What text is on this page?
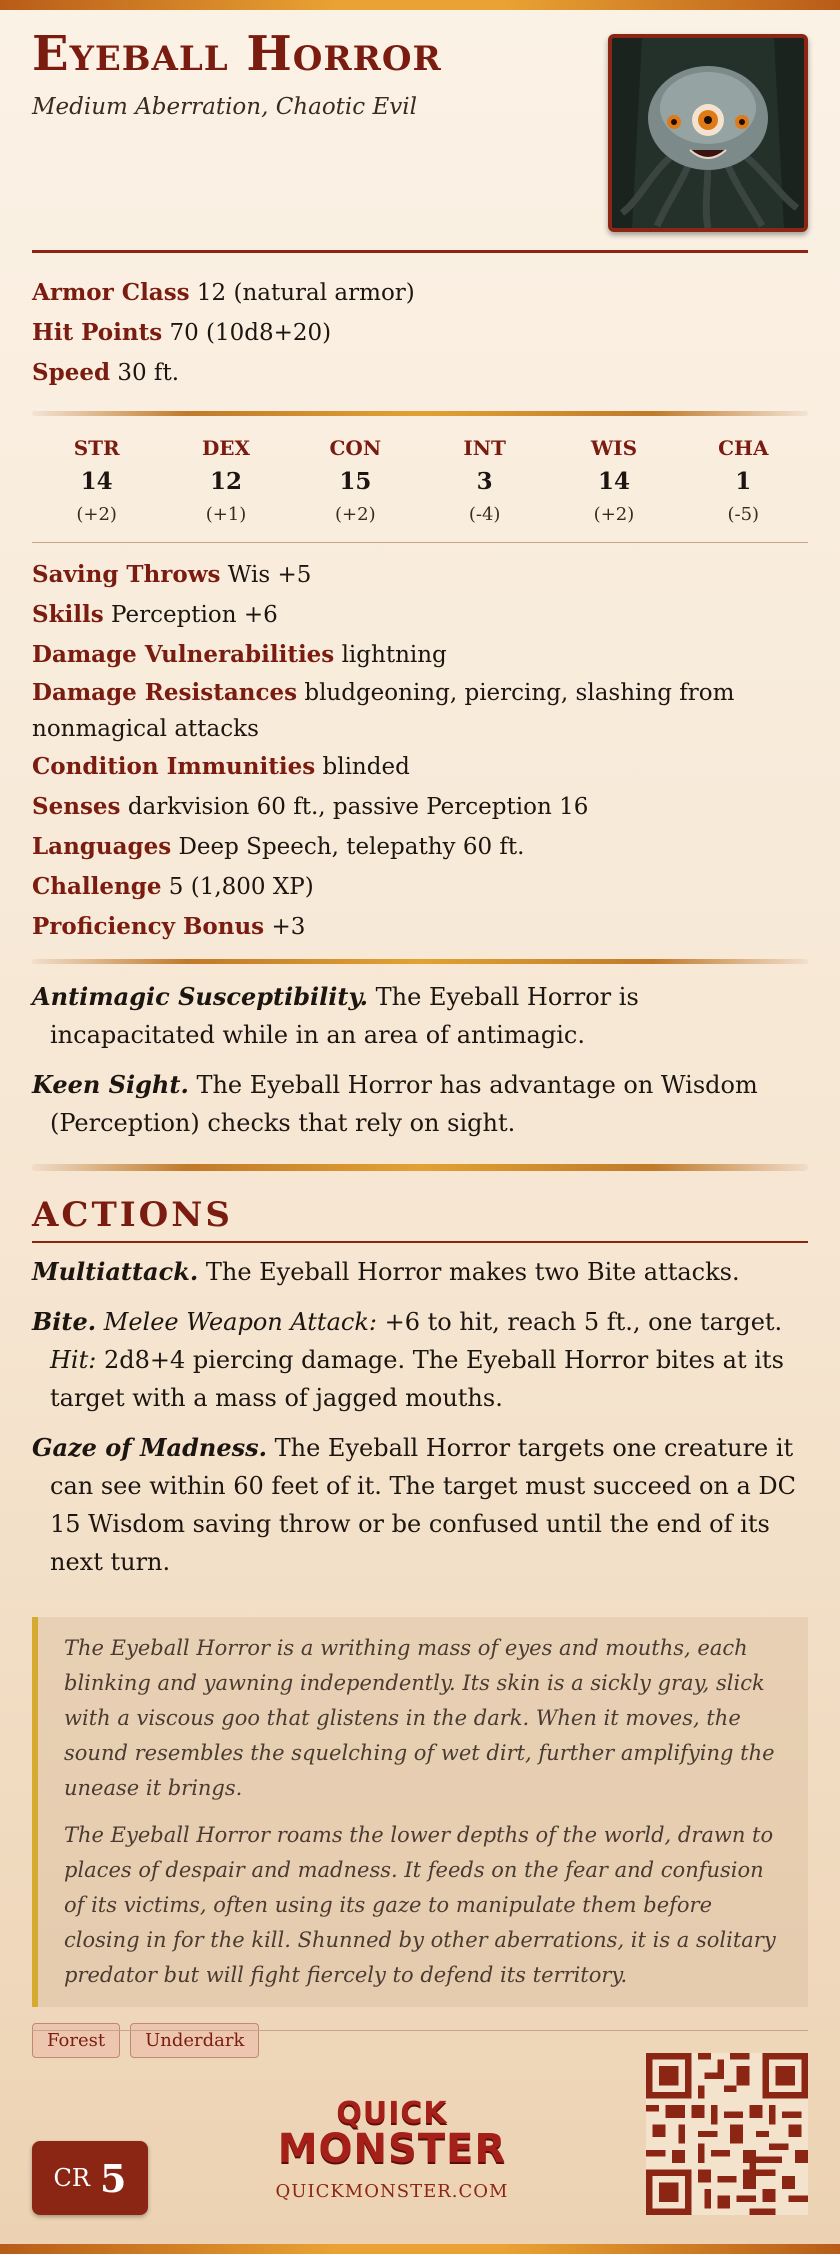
Eyeball Horror
Medium Aberration, Chaotic Evil
Armor Class 12 (natural armor)
Hit Points 70 (10d8+20)
Speed 30 ft.
STR
14
(+2)
DEX
12
(+1)
CON
15
(+2)
INT
3
(-4)
WIS
14
(+2)
CHA
1
(-5)
Saving Throws Wis +5
Skills Perception +6
Damage Vulnerabilities lightning
Damage Resistances bludgeoning, piercing, slashing from nonmagical attacks
Condition Immunities blinded
Senses darkvision 60 ft., passive Perception 16
Languages Deep Speech, telepathy 60 ft.
Challenge 5 (1,800 XP)
Proficiency Bonus +3
Antimagic Susceptibility. The Eyeball Horror is incapacitated while in an area of antimagic.
Keen Sight. The Eyeball Horror has advantage on Wisdom (Perception) checks that rely on sight.
ACTIONS
Multiattack. The Eyeball Horror makes two Bite attacks.
Bite. Melee Weapon Attack: +6 to hit, reach 5 ft., one target. Hit: 2d8+4 piercing damage. The Eyeball Horror bites at its target with a mass of jagged mouths.
Gaze of Madness. The Eyeball Horror targets one creature it can see within 60 feet of it. The target must succeed on a DC 15 Wisdom saving throw or be confused until the end of its next turn.

The Eyeball Horror is a writhing mass of eyes and mouths, each blinking and yawning independently. Its skin is a sickly gray, slick with a viscous goo that glistens in the dark. When it moves, the sound resembles the squelching of wet dirt, further amplifying the unease it brings.

The Eyeball Horror roams the lower depths of the world, drawn to places of despair and madness. It feeds on the fear and confusion of its victims, often using its gaze to manipulate them before closing in for the kill. Shunned by other aberrations, it is a solitary predator but will fight fiercely to defend its territory.

Forest	Underdark
CR 5
QUICK
MONSTER
QUICKMONSTER.COM
